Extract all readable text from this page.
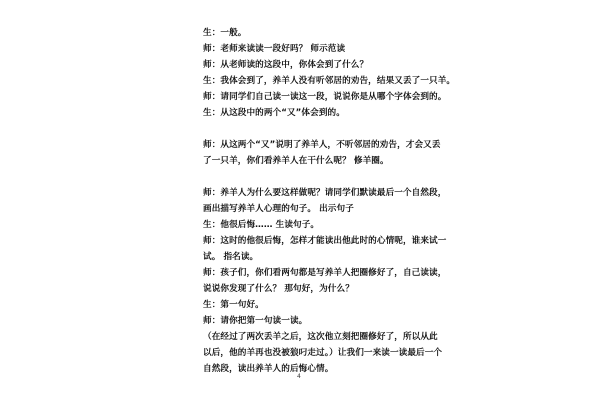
生：一般。
师：老师来读读一段好吗？ 师示范读
师：从老师读的这段中，你体会到了什么？
生：我体会到了，养羊人没有听邻居的劝告，结果又丢了一只羊。
师：请同学们自己读一读这一段，说说你是从哪个字体会到的。
生：从这段中的两个“又”体会到的。
师：从这两个“又”说明了养羊人，不听邻居的劝告，才会又丢
了一只羊，你们看养羊人在干什么呢？ 修羊圈。
师：养羊人为什么要这样做呢？请同学们默读最后一个自然段，
画出描写养羊人心理的句子。 出示句子
生：他很后悔…… 生读句子。
师：这时的他很后悔，怎样才能读出他此时的心情呢，谁来试一
试。 指名读。
师：孩子们，你们看两句都是写养羊人把圈修好了，自己读读，
说说你发现了什么？ 那句好，为什么？
生：第一句好。
师：请你把第一句读一读。
（在经过了两次丢羊之后，这次他立刻把圈修好了，所以从此
以后，他的羊再也没被狼叼走过。）让我们一来读一读最后一个
自然段，读出养羊人的后悔心情。
4
